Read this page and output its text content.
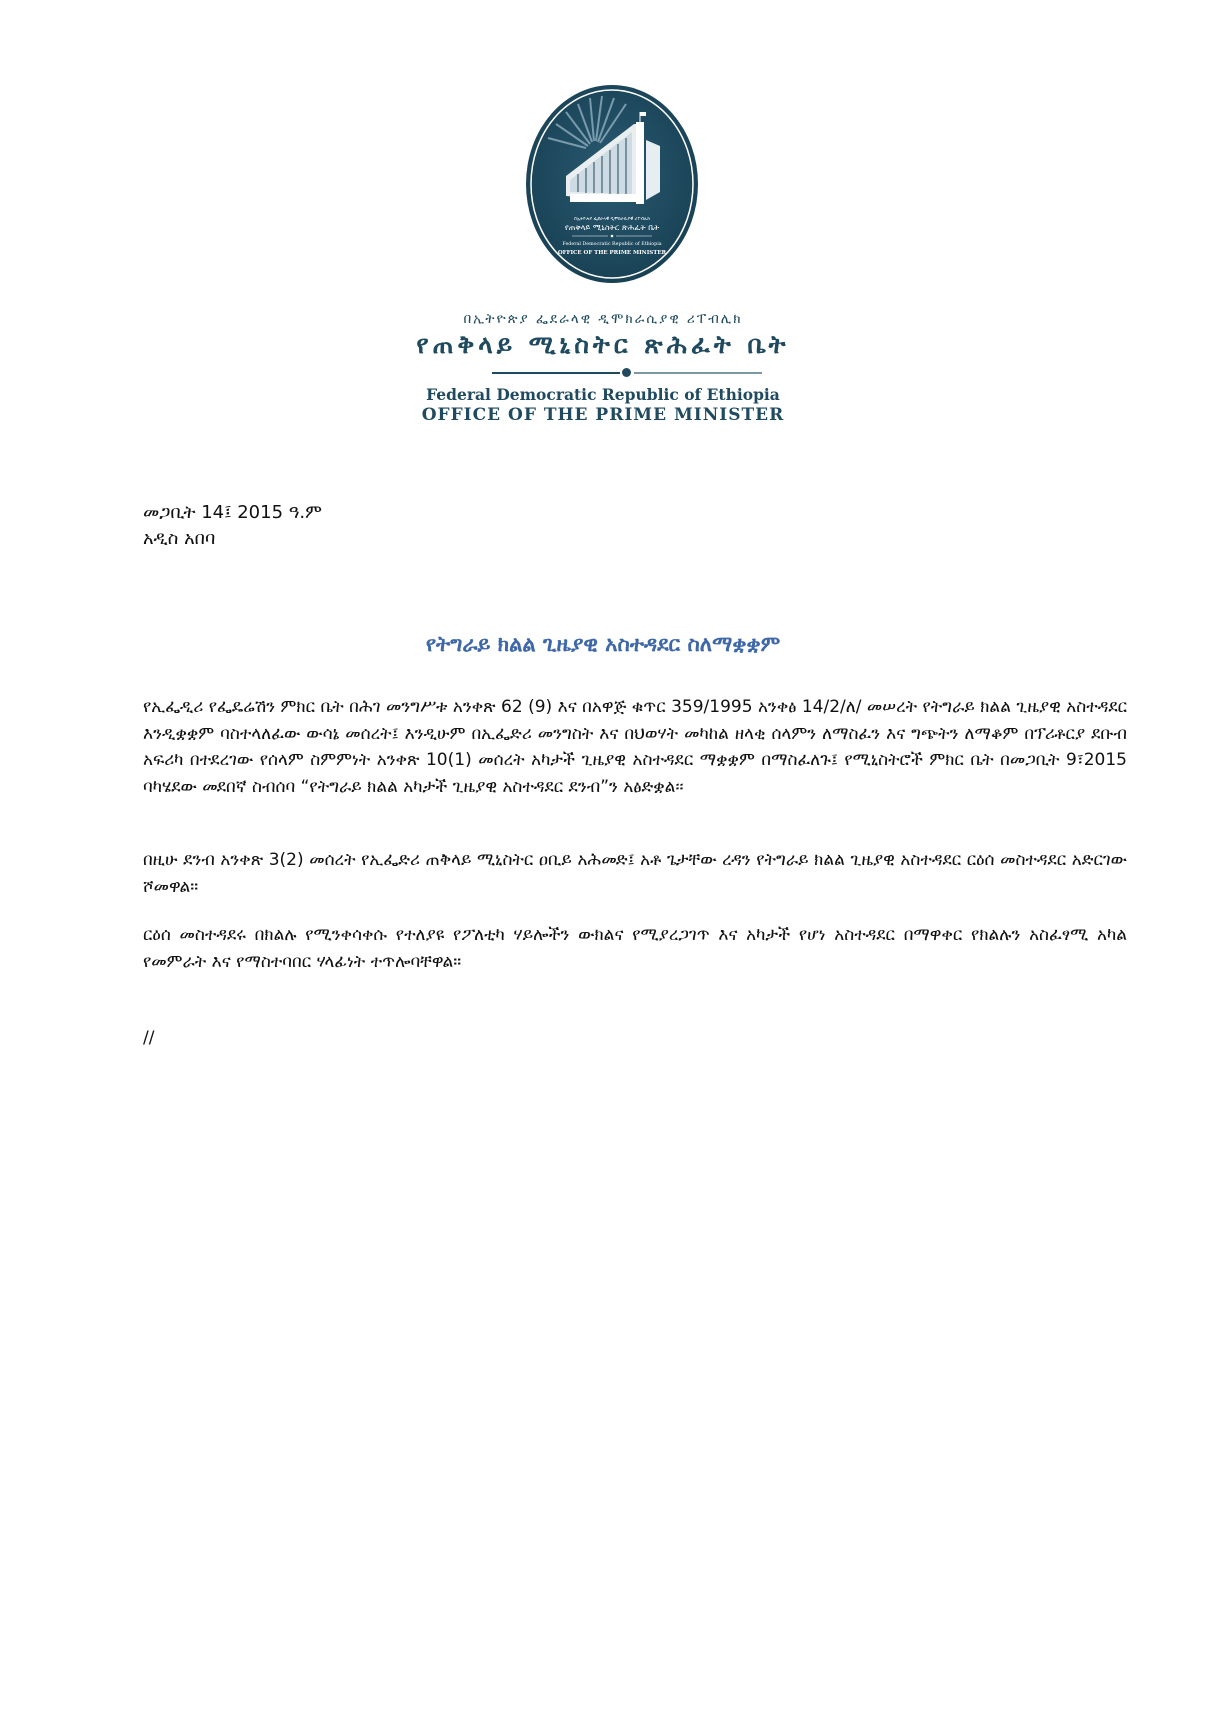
በኢትዮጵያ ፌደራላዊ ዲሞክራሲያዊ ሪፐብሊክ
የጠቅላይ ሚኒስትር ጽሕፈት ቤት
Federal Democratic Republic of Ethiopia
OFFICE OF THE PRIME MINISTER
በኢትዮጵያ ፌደራላዊ ዲሞክራሲያዊ ሪፐብሊክ
የጠቅላይ ሚኒስትር ጽሕፈት ቤት
Federal Democratic Republic of Ethiopia
OFFICE OF THE PRIME MINISTER
መጋቢት 14፤ 2015 ዓ.ም
አዲስ አበባ
የትግራይ ክልል ጊዜያዊ አስተዳደር ስለማቋቋም

የኢፌዲሪ የፌዴሬሽን ምክር ቤት በሕገ መንግሥቱ አንቀጽ 62 (9) እና በአዋጅ ቁጥር 359/1995 አንቀፅ 14/2/ለ/ መሠረት የትግራይ ክልል ጊዜያዊ አስተዳደር እንዲቋቋም ባስተላለፈው ውሳኔ መሰረት፤ እንዲሁም በኢፌድሪ መንግስት እና በህወሃት መካከል ዘላቂ ሰላምን ለማስፈን እና ግጭትን ለማቆም በፕሪቶርያ ደቡብ አፍሪካ በተደረገው የሰላም ስምምነት አንቀጽ 10(1) መሰረት አካታች ጊዜያዊ አስተዳደር ማቋቋም በማስፈለጉ፤ የሚኒስትሮች ምክር ቤት በመጋቢት 9፣2015 ባካሄደው መደበኛ ስብሰባ “የትግራይ ክልል አካታች ጊዜያዊ አስተዳደር ደንብ”ን አፅድቋል፡፡

በዚሁ ደንብ አንቀጽ 3(2) መሰረት የኢፌድሪ ጠቅላይ ሚኒስትር ዐቢይ አሕመድ፤ አቶ ጌታቸው ረዳን የትግራይ ክልል ጊዜያዊ አስተዳደር ርዕሰ መስተዳደር አድርገው ሾመዋል።

ርዕሰ መስተዳደሩ በክልሉ የሚንቀሳቀሱ የተለያዩ የፖለቲካ ሃይሎችን ውክልና የሚያረጋገጥ እና አካታች የሆነ አስተዳደር በማዋቀር የክልሉን አስፈፃሚ አካል የመምራት እና የማስተባበር ሃላፊነት ተጥሎባቸዋል።

//
